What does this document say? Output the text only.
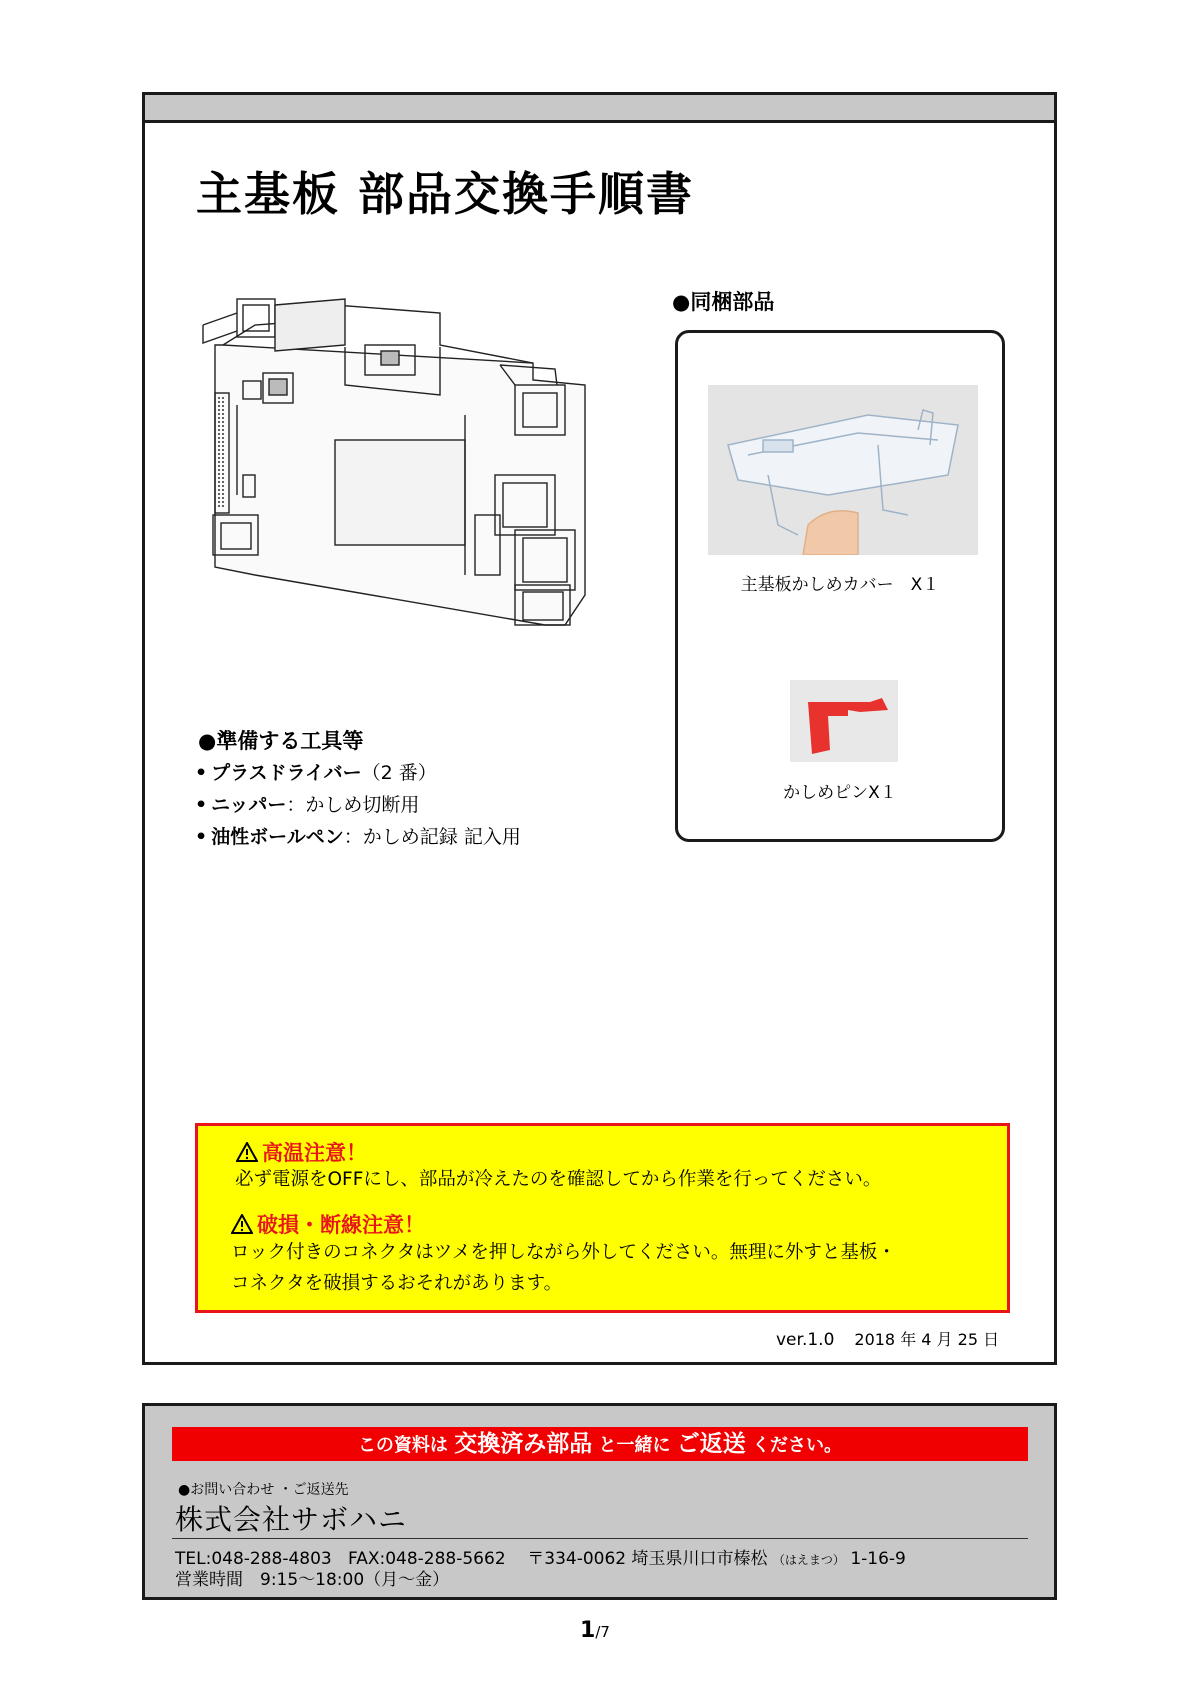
主基板 部品交換手順書
●同梱部品
主基板かしめカバー　X１
かしめピンX１
●準備する工具等
• プラスドライバー（2 番）
• ニッパー：かしめ切断用
• 油性ボールペン：かしめ記録 記入用
高温注意！
必ず電源をOFFにし、部品が冷えたのを確認してから作業を行ってください。
破損・断線注意！
ロック付きのコネクタはツメを押しながら外してください。無理に外すと基板・
コネクタを破損するおそれがあります。
ver.1.0 2018 年 4 月 25 日
この資料は 交換済み部品 と一緒に ご返送 ください。
●お問い合わせ ・ご返送先
株式会社サボハニ
TEL:048-288-4803 FAX:048-288-5662 〒334-0062 埼玉県川口市榛松 （はえまつ） 1-16-9
営業時間　9:15～18:00（月～金）
1/7
